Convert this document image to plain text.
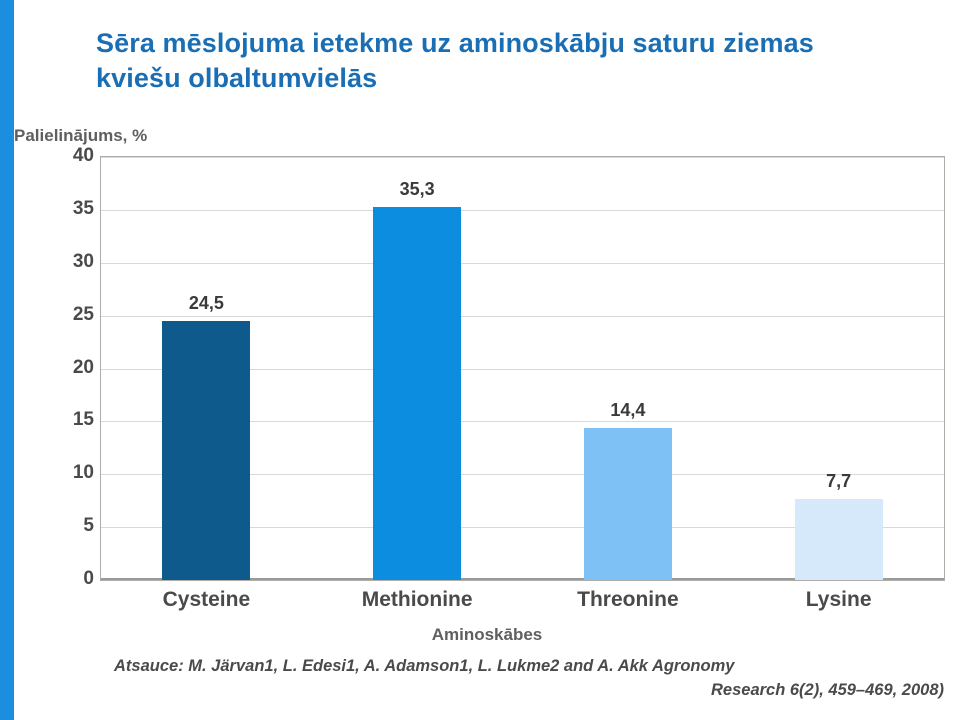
Sēra mēslojuma ietekme uz aminoskābju saturu ziemas kviešu olbaltumvielās
Palielinājums, %
0
5
10
15
20
25
30
35
40
24,5
35,3
14,4
7,7
Cysteine	Methionine	Threonine	Lysine
Aminoskābes
Atsauce: M. Järvan1, L. Edesi1, A. Adamson1, L. Lukme2 and A. Akk Agronomy
Research 6(2), 459–469, 2008)
